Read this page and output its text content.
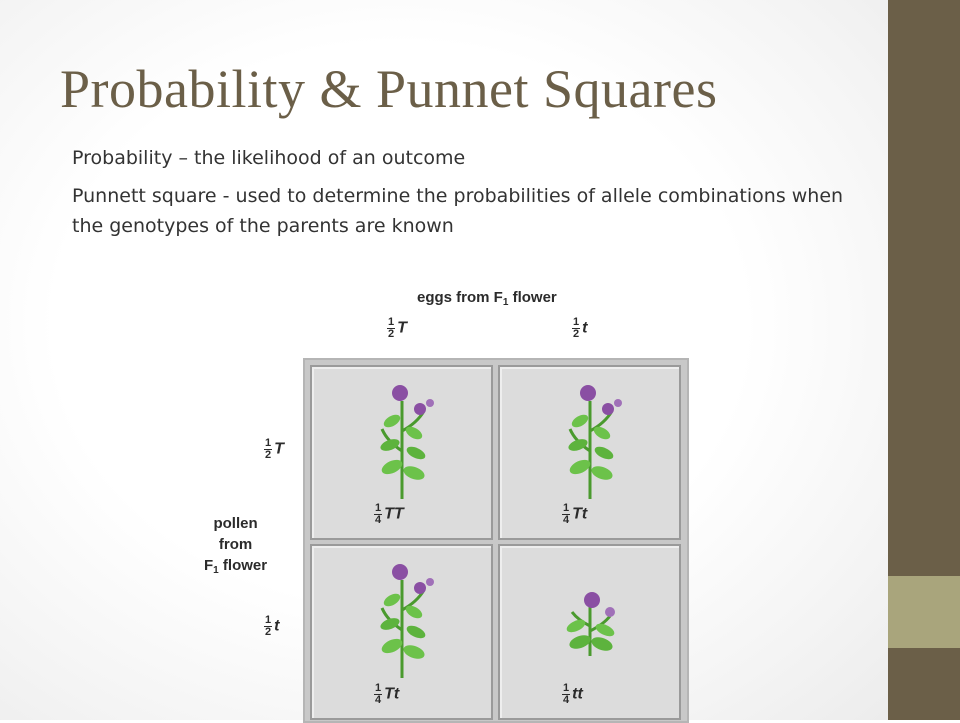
Probability & Punnet Squares

Probability – the likelihood of an outcome

Punnett square - used to determine the probabilities of allele combinations when the genotypes of the parents are known

eggs from $F_1$ flower
$\frac{1}{2}$ T	$\frac{1}{2}$ t
$\frac{1}{2}$ T
$\frac{1}{2}$ t
pollen
from
$F_1$ flower
$\frac{1}{4}$ TT	$\frac{1}{4}$ Tt
$\frac{1}{4}$ Tt	$\frac{1}{4}$ tt
